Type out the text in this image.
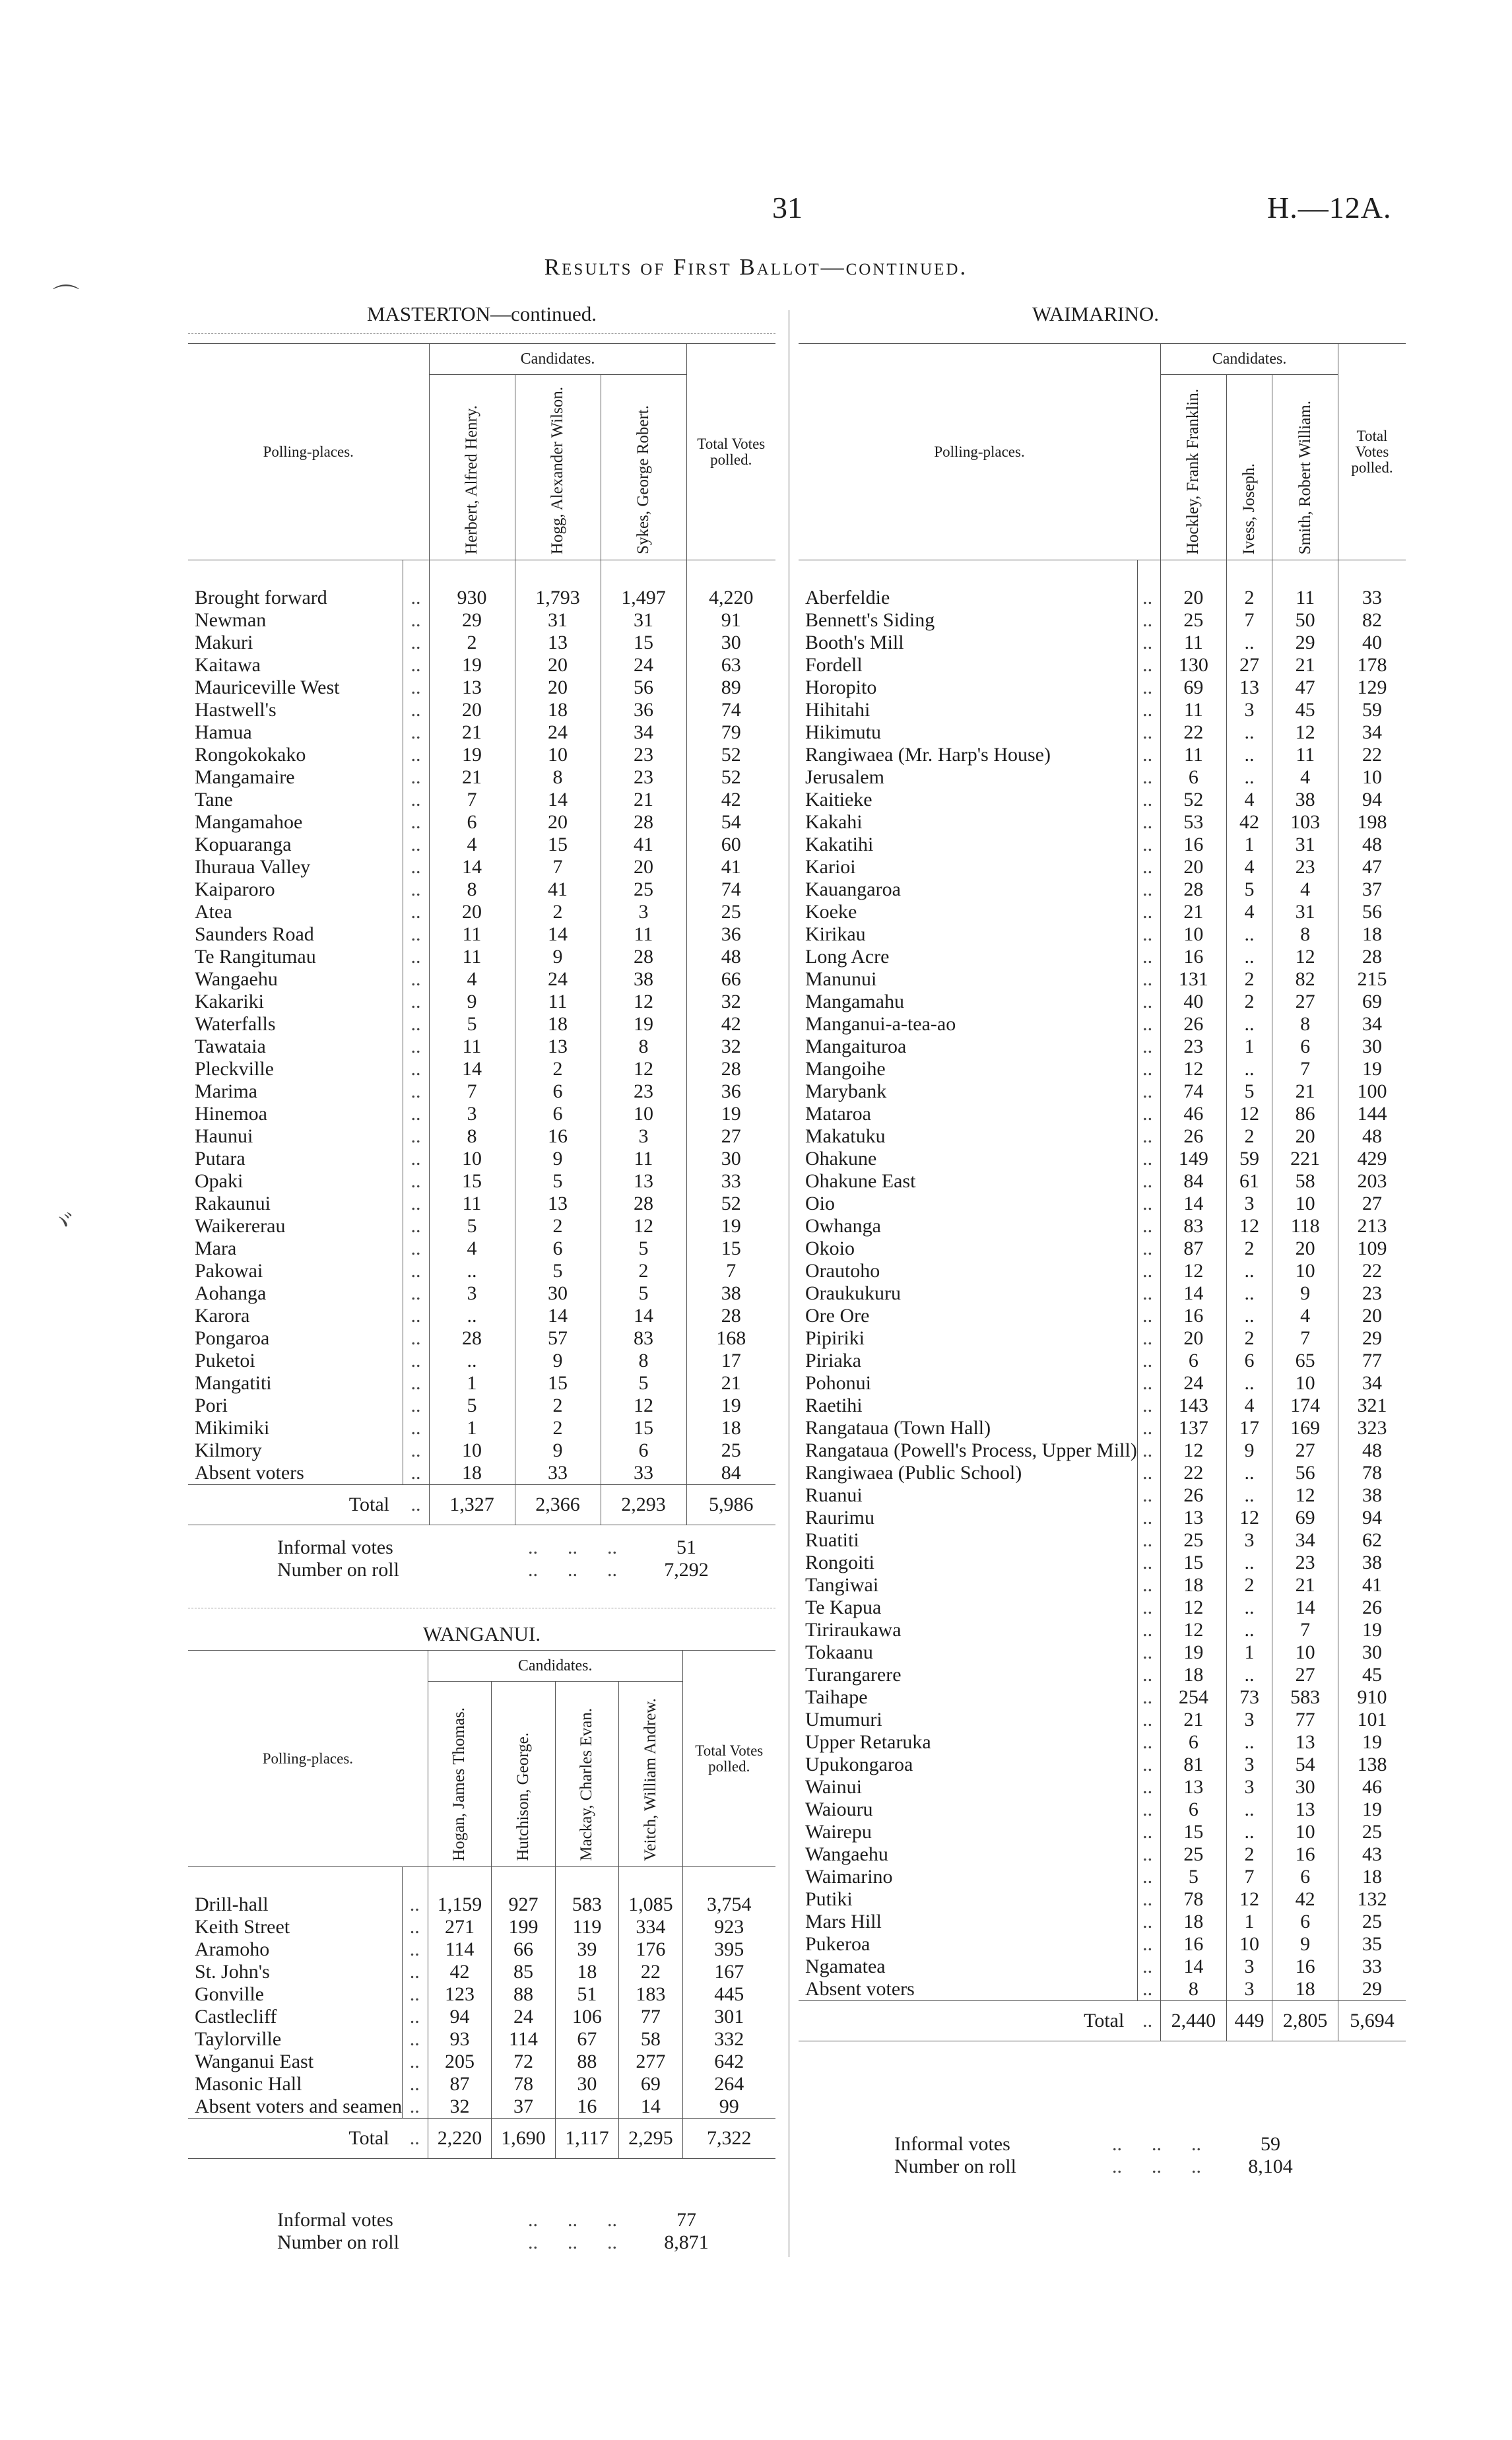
31	H.—12A.
Results of First Ballot—continued.
⌒
ヾ
MASTERTON—continued.
Polling-places.		Candidates.			Total Votes polled.

		Herbert, Alfred Henry.	Hogg, Alexander Wilson.	Sykes, George Robert.	

Brought forward	..	930	1,793	1,497	4,220
Newman	..	29	31	31	91
Makuri	..	2	13	15	30
Kaitawa	..	19	20	24	63
Mauriceville West	..	13	20	56	89
Hastwell's	..	20	18	36	74
Hamua	..	21	24	34	79
Rongokokako	..	19	10	23	52
Mangamaire	..	21	8	23	52
Tane	..	7	14	21	42
Mangamahoe	..	6	20	28	54
Kopuaranga	..	4	15	41	60
Ihuraua Valley	..	14	7	20	41
Kaiparoro	..	8	41	25	74
Atea	..	20	2	3	25
Saunders Road	..	11	14	11	36
Te Rangitumau	..	11	9	28	48
Wangaehu	..	4	24	38	66
Kakariki	..	9	11	12	32
Waterfalls	..	5	18	19	42
Tawataia	..	11	13	8	32
Pleckville	..	14	2	12	28
Marima	..	7	6	23	36
Hinemoa	..	3	6	10	19
Haunui	..	8	16	3	27
Putara	..	10	9	11	30
Opaki	..	15	5	13	33
Rakaunui	..	11	13	28	52
Waikererau	..	5	2	12	19
Mara	..	4	6	5	15
Pakowai	..	..	5	2	7
Aohanga	..	3	30	5	38
Karora	..	..	14	14	28
Pongaroa	..	28	57	83	168
Puketoi	..	..	9	8	17
Mangatiti	..	1	15	5	21
Pori	..	5	2	12	19
Mikimiki	..	1	2	15	18
Kilmory	..	10	9	6	25
Absent voters	..	18	33	33	84
Total	..	1,327	2,366	2,293	5,986
Informal votes	..	..	..	51
Number on roll	..	..	..	7,292
WANGANUI.
Polling-places.		Candidates.				Total Votes polled.

		Hogan, James Thomas.	Hutchison, George.	Mackay, Charles Evan.	Veitch, William Andrew.	

Drill-hall	..	1,159	927	583	1,085	3,754
Keith Street	..	271	199	119	334	923
Aramoho	..	114	66	39	176	395
St. John's	..	42	85	18	22	167
Gonville	..	123	88	51	183	445
Castlecliff	..	94	24	106	77	301
Taylorville	..	93	114	67	58	332
Wanganui East	..	205	72	88	277	642
Masonic Hall	..	87	78	30	69	264
Absent voters and seamen	..	32	37	16	14	99
Total	..	2,220	1,690	1,117	2,295	7,322
Informal votes	..	..	..	77
Number on roll	..	..	..	8,871
WAIMARINO.
Polling-places.		Candidates.			Total Votes polled.

		Hockley, Frank Franklin.	Ivess, Joseph.	Smith, Robert William.	

Aberfeldie	..	20	2	11	33
Bennett's Siding	..	25	7	50	82
Booth's Mill	..	11	..	29	40
Fordell	..	130	27	21	178
Horopito	..	69	13	47	129
Hihitahi	..	11	3	45	59
Hikimutu	..	22	..	12	34
Rangiwaea (Mr. Harp's House)	..	11	..	11	22
Jerusalem	..	6	..	4	10
Kaitieke	..	52	4	38	94
Kakahi	..	53	42	103	198
Kakatihi	..	16	1	31	48
Karioi	..	20	4	23	47
Kauangaroa	..	28	5	4	37
Koeke	..	21	4	31	56
Kirikau	..	10	..	8	18
Long Acre	..	16	..	12	28
Manunui	..	131	2	82	215
Mangamahu	..	40	2	27	69
Manganui-a-tea-ao	..	26	..	8	34
Mangaituroa	..	23	1	6	30
Mangoihe	..	12	..	7	19
Marybank	..	74	5	21	100
Mataroa	..	46	12	86	144
Makatuku	..	26	2	20	48
Ohakune	..	149	59	221	429
Ohakune East	..	84	61	58	203
Oio	..	14	3	10	27
Owhanga	..	83	12	118	213
Okoio	..	87	2	20	109
Orautoho	..	12	..	10	22
Oraukukuru	..	14	..	9	23
Ore Ore	..	16	..	4	20
Pipiriki	..	20	2	7	29
Piriaka	..	6	6	65	77
Pohonui	..	24	..	10	34
Raetihi	..	143	4	174	321
Rangataua (Town Hall)	..	137	17	169	323
Rangataua (Powell's Process, Upper Mill)	..	12	9	27	48
Rangiwaea (Public School)	..	22	..	56	78
Ruanui	..	26	..	12	38
Raurimu	..	13	12	69	94
Ruatiti	..	25	3	34	62
Rongoiti	..	15	..	23	38
Tangiwai	..	18	2	21	41
Te Kapua	..	12	..	14	26
Tiriraukawa	..	12	..	7	19
Tokaanu	..	19	1	10	30
Turangarere	..	18	..	27	45
Taihape	..	254	73	583	910
Umumuri	..	21	3	77	101
Upper Retaruka	..	6	..	13	19
Upukongaroa	..	81	3	54	138
Wainui	..	13	3	30	46
Waiouru	..	6	..	13	19
Wairepu	..	15	..	10	25
Wangaehu	..	25	2	16	43
Waimarino	..	5	7	6	18
Putiki	..	78	12	42	132
Mars Hill	..	18	1	6	25
Pukeroa	..	16	10	9	35
Ngamatea	..	14	3	16	33
Absent voters	..	8	3	18	29
Total	..	2,440	449	2,805	5,694
Informal votes	..	..	..	59
Number on roll	..	..	..	8,104
